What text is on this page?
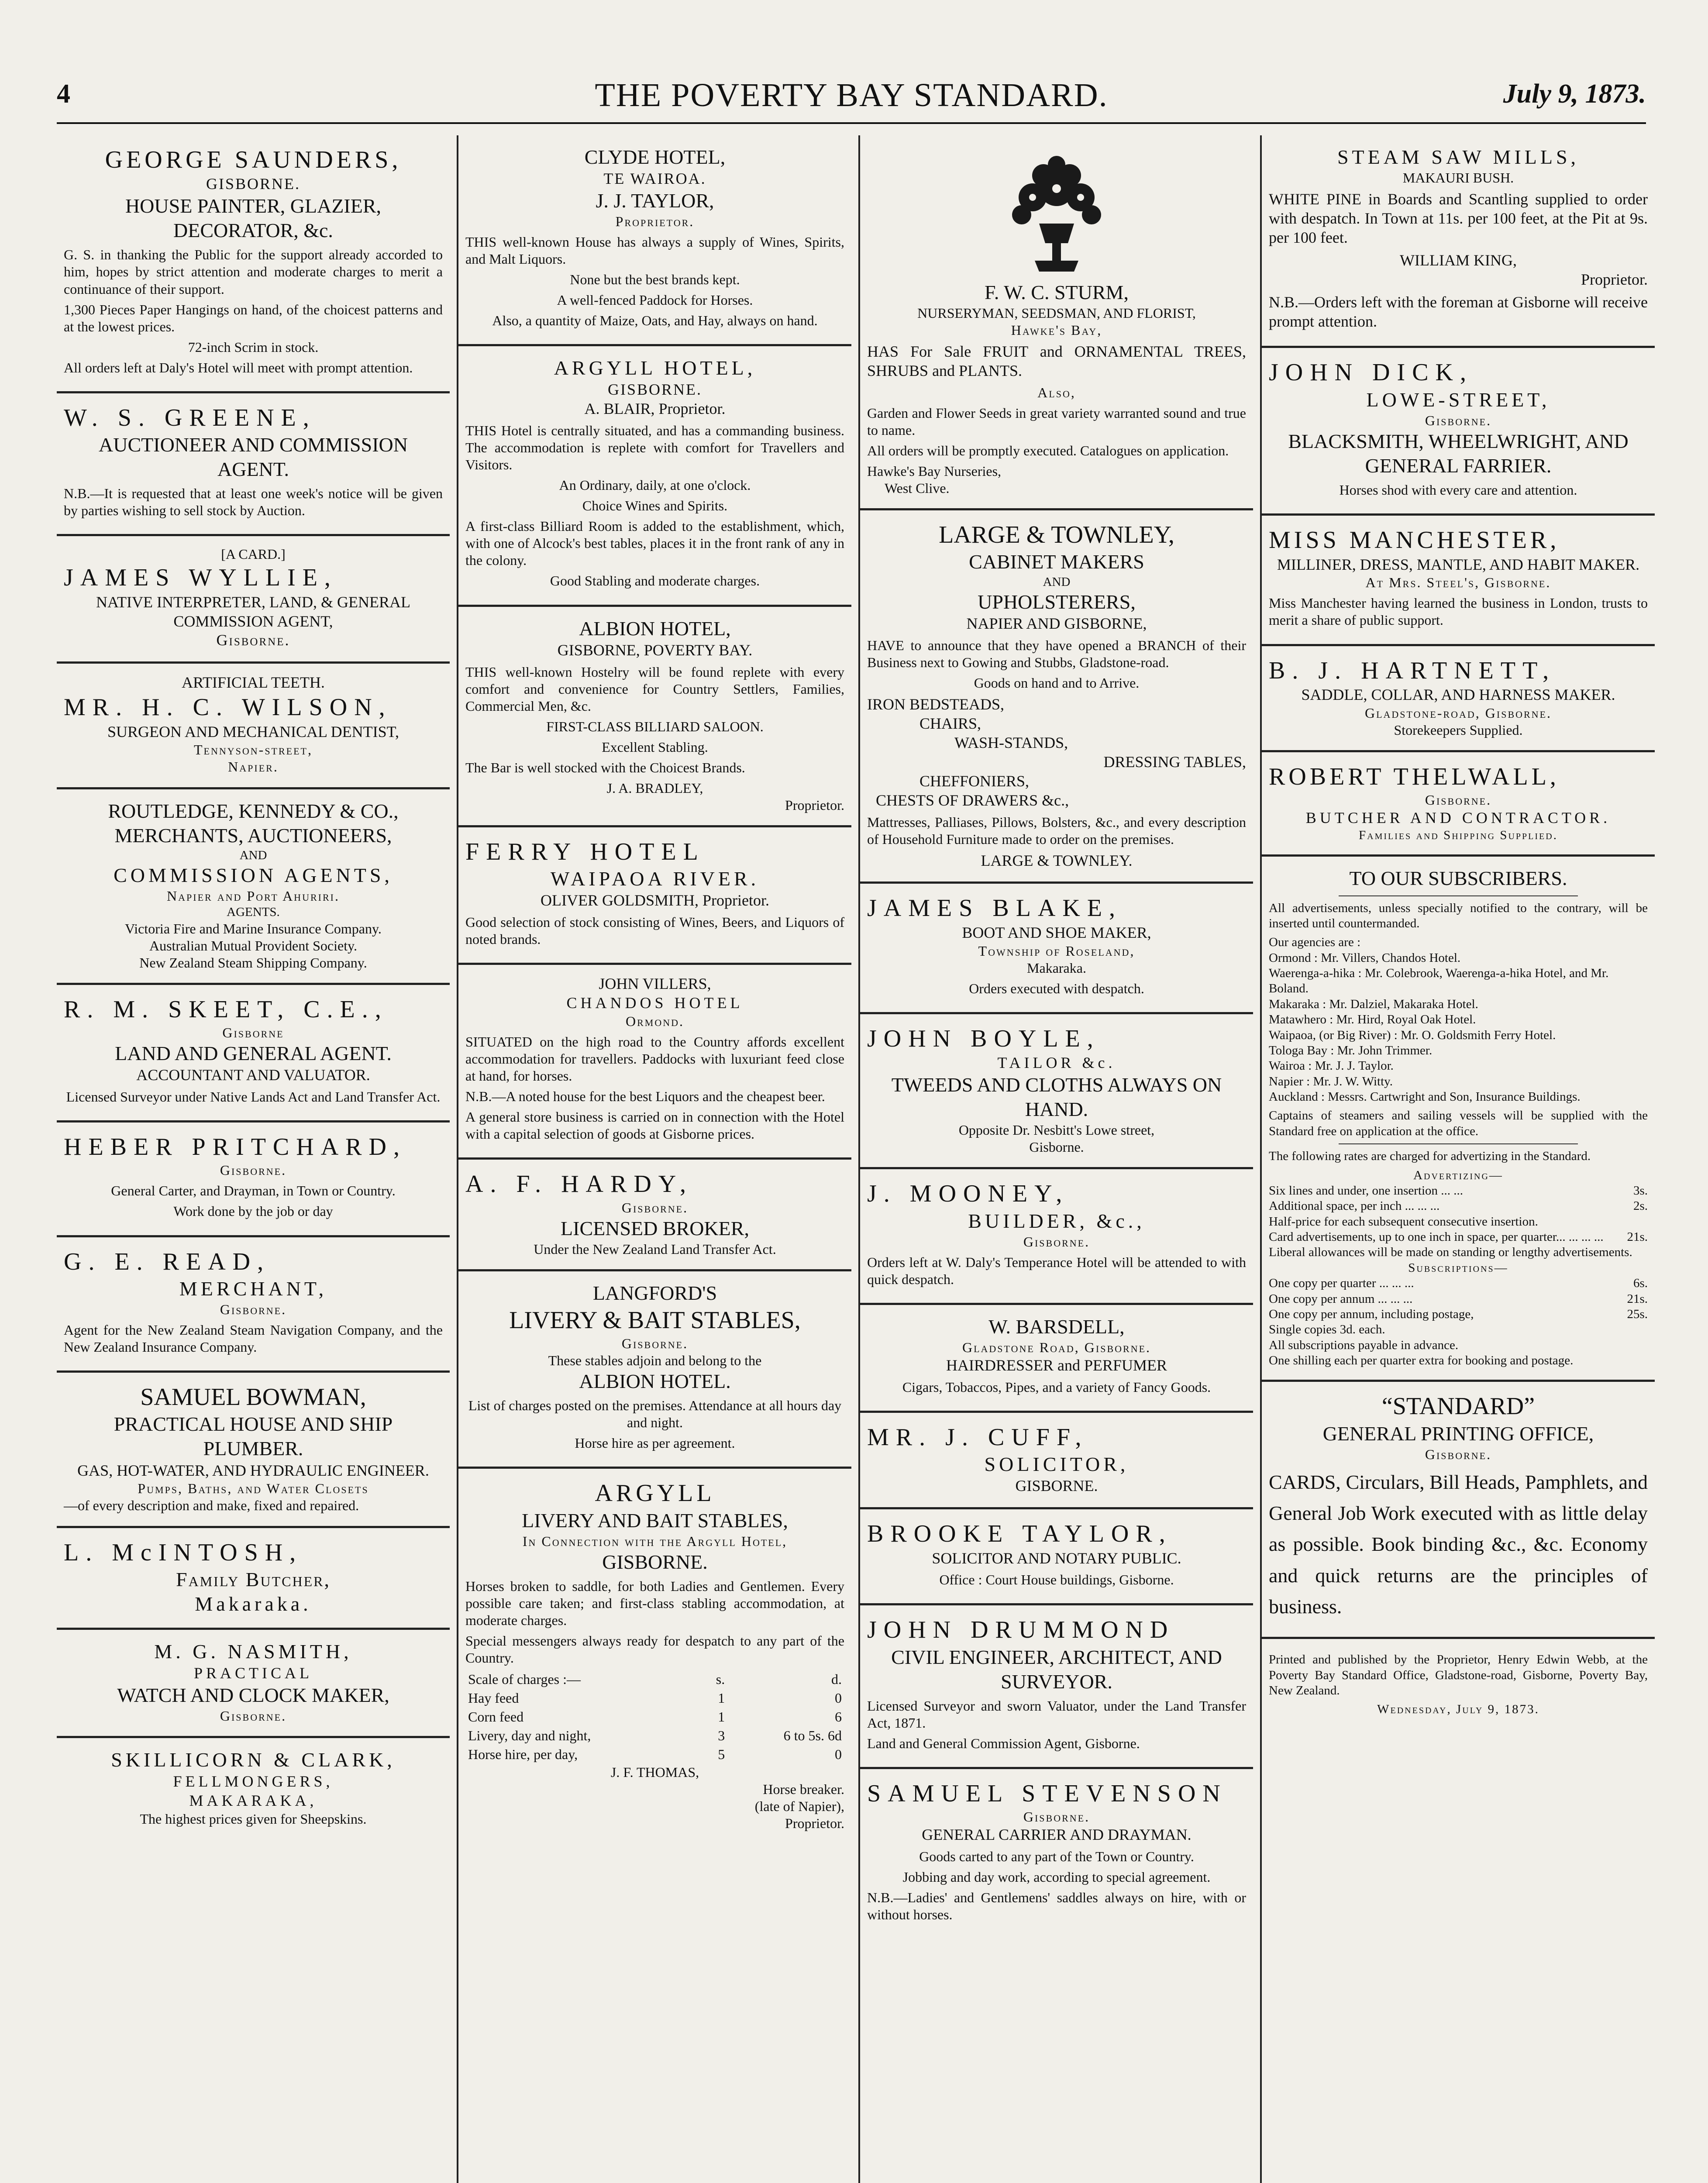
4	THE POVERTY BAY STANDARD.	July 9, 1873.
GEORGE SAUNDERS,
GISBORNE.
HOUSE PAINTER, GLAZIER, DECORATOR, &c.

G. S. in thanking the Public for the support already accorded to him, hopes by strict attention and moderate charges to merit a continuance of their support.

1,300 Pieces Paper Hangings on hand, of the choicest patterns and at the lowest prices.

72-inch Scrim in stock.

All orders left at Daly's Hotel will meet with prompt attention.

W. S. GREENE,
AUCTIONEER AND COMMISSION AGENT.

N.B.—It is requested that at least one week's notice will be given by parties wishing to sell stock by Auction.

[A CARD.]
JAMES WYLLIE,
NATIVE INTERPRETER, LAND, & GENERAL COMMISSION AGENT,
Gisborne.
ARTIFICIAL TEETH.
MR. H. C. WILSON,
SURGEON AND MECHANICAL DENTIST,
Tennyson-street,
Napier.
ROUTLEDGE, KENNEDY & CO.,
MERCHANTS, AUCTIONEERS,
AND
COMMISSION AGENTS,
Napier and Port Ahuriri.
AGENTS.
Victoria Fire and Marine Insurance Company.
Australian Mutual Provident Society.
New Zealand Steam Shipping Company.
R. M. SKEET, C.E.,
Gisborne
LAND AND GENERAL AGENT.
ACCOUNTANT AND VALUATOR.

Licensed Surveyor under Native Lands Act and Land Transfer Act.

HEBER PRITCHARD,
Gisborne.

General Carter, and Drayman, in Town or Country.

Work done by the job or day

G. E. READ,
MERCHANT,
Gisborne.

Agent for the New Zealand Steam Navigation Company, and the New Zealand Insurance Company.

SAMUEL BOWMAN,
PRACTICAL HOUSE AND SHIP PLUMBER.
GAS, HOT-WATER, AND HYDRAULIC ENGINEER.
Pumps, Baths, and Water Closets
—of every description and make, fixed and repaired.
L. McINTOSH,
Family Butcher,
Makaraka.
M. G. NASMITH,
PRACTICAL
WATCH AND CLOCK MAKER,
Gisborne.
SKILLICORN & CLARK,
FELLMONGERS,
MAKARAKA,
The highest prices given for Sheepskins.
CLYDE HOTEL,
TE WAIROA.
J. J. TAYLOR,
Proprietor.

THIS well-known House has always a supply of Wines, Spirits, and Malt Liquors.

None but the best brands kept.

A well-fenced Paddock for Horses.

Also, a quantity of Maize, Oats, and Hay, always on hand.

ARGYLL HOTEL,
GISBORNE.
A. BLAIR, Proprietor.

THIS Hotel is centrally situated, and has a commanding business. The accommodation is replete with comfort for Travellers and Visitors.

An Ordinary, daily, at one o'clock.

Choice Wines and Spirits.

A first-class Billiard Room is added to the establishment, which, with one of Alcock's best tables, places it in the front rank of any in the colony.

Good Stabling and moderate charges.

ALBION HOTEL,
GISBORNE, POVERTY BAY.

THIS well-known Hostelry will be found replete with every comfort and convenience for Country Settlers, Families, Commercial Men, &c.

FIRST-CLASS BILLIARD SALOON.

Excellent Stabling.

The Bar is well stocked with the Choicest Brands.

J. A. BRADLEY,
Proprietor.
FERRY HOTEL
WAIPAOA RIVER.
OLIVER GOLDSMITH, Proprietor.

Good selection of stock consisting of Wines, Beers, and Liquors of noted brands.

JOHN VILLERS,
CHANDOS HOTEL
Ormond.

SITUATED on the high road to the Country affords excellent accommodation for travellers. Paddocks with luxuriant feed close at hand, for horses.

N.B.—A noted house for the best Liquors and the cheapest beer.

A general store business is carried on in connection with the Hotel with a capital selection of goods at Gisborne prices.

A. F. HARDY,
Gisborne.
LICENSED BROKER,
Under the New Zealand Land Transfer Act.
LANGFORD'S
LIVERY & BAIT STABLES,
Gisborne.
These stables adjoin and belong to the
ALBION HOTEL.

List of charges posted on the premises. Attendance at all hours day and night.

Horse hire as per agreement.

ARGYLL
LIVERY AND BAIT STABLES,
In Connection with the Argyll Hotel,
GISBORNE.

Horses broken to saddle, for both Ladies and Gentlemen. Every possible care taken; and first-class stabling accommodation, at moderate charges.

Special messengers always ready for despatch to any part of the Country.

Scale of charges :—	s.	d.
Hay feed	1	0
Corn feed	1	6
Livery, day and night,	3	6 to 5s. 6d
Horse hire, per day,	5	0
J. F. THOMAS,
Horse breaker.
(late of Napier),
Proprietor.
F. W. C. STURM,
NURSERYMAN, SEEDSMAN, AND FLORIST,
Hawke's Bay,

HAS For Sale FRUIT and ORNAMENTAL TREES, SHRUBS and PLANTS.

Also,

Garden and Flower Seeds in great variety warranted sound and true to name.

All orders will be promptly executed. Catalogues on application.

Hawke's Bay Nurseries,
West Clive.
LARGE & TOWNLEY,
CABINET MAKERS
AND
UPHOLSTERERS,
NAPIER AND GISBORNE,

HAVE to announce that they have opened a BRANCH of their Business next to Gowing and Stubbs, Gladstone-road.

Goods on hand and to Arrive.

IRON BEDSTEADS,
CHAIRS,
WASH-STANDS,
DRESSING TABLES,
CHEFFONIERS,
CHESTS OF DRAWERS &c.,

Mattresses, Palliases, Pillows, Bolsters, &c., and every description of Household Furniture made to order on the premises.

LARGE & TOWNLEY.
JAMES BLAKE,
BOOT AND SHOE MAKER,
Township of Roseland,
Makaraka.

Orders executed with despatch.

JOHN BOYLE,
TAILOR &c.
TWEEDS AND CLOTHS ALWAYS ON HAND.
Opposite Dr. Nesbitt's Lowe street,
Gisborne.
J. MOONEY,
BUILDER, &c.,
Gisborne.

Orders left at W. Daly's Temperance Hotel will be attended to with quick despatch.

W. BARSDELL,
Gladstone Road, Gisborne.
HAIRDRESSER and PERFUMER

Cigars, Tobaccos, Pipes, and a variety of Fancy Goods.

MR. J. CUFF,
SOLICITOR,
GISBORNE.
BROOKE TAYLOR,
SOLICITOR AND NOTARY PUBLIC.

Office : Court House buildings, Gisborne.

JOHN DRUMMOND
CIVIL ENGINEER, ARCHITECT, AND SURVEYOR.

Licensed Surveyor and sworn Valuator, under the Land Transfer Act, 1871.

Land and General Commission Agent, Gisborne.

SAMUEL STEVENSON
Gisborne.
GENERAL CARRIER AND DRAYMAN.

Goods carted to any part of the Town or Country.

Jobbing and day work, according to special agreement.

N.B.—Ladies' and Gentlemens' saddles always on hire, with or without horses.

STEAM SAW MILLS,
MAKAURI BUSH.

WHITE PINE in Boards and Scantling supplied to order with despatch. In Town at 11s. per 100 feet, at the Pit at 9s. per 100 feet.

WILLIAM KING,
Proprietor.

N.B.—Orders left with the foreman at Gisborne will receive prompt attention.

JOHN DICK,
LOWE-STREET,
Gisborne.
BLACKSMITH, WHEELWRIGHT, AND GENERAL FARRIER.

Horses shod with every care and attention.

MISS MANCHESTER,
MILLINER, DRESS, MANTLE, AND HABIT MAKER.
At Mrs. Steel's, Gisborne.

Miss Manchester having learned the business in London, trusts to merit a share of public support.

B. J. HARTNETT,
SADDLE, COLLAR, AND HARNESS MAKER.
Gladstone-road, Gisborne.
Storekeepers Supplied.
ROBERT THELWALL,
Gisborne.
BUTCHER AND CONTRACTOR.
Families and Shipping Supplied.
TO OUR SUBSCRIBERS.

All advertisements, unless specially notified to the contrary, will be inserted until countermanded.

Our agencies are :
Ormond : Mr. Villers, Chandos Hotel.
Waerenga-a-hika : Mr. Colebrook, Waerenga-a-hika Hotel, and Mr. Boland.
Makaraka : Mr. Dalziel, Makaraka Hotel.
Matawhero : Mr. Hird, Royal Oak Hotel.
Waipaoa, (or Big River) : Mr. O. Goldsmith Ferry Hotel.
Tologa Bay : Mr. John Trimmer.
Wairoa : Mr. J. J. Taylor.
Napier : Mr. J. W. Witty.
Auckland : Messrs. Cartwright and Son, Insurance Buildings.

Captains of steamers and sailing vessels will be supplied with the Standard free on application at the office.

The following rates are charged for advertizing in the Standard.

Advertizing—
Six lines and under, one insertion ... ...	3s.
Additional space, per inch ... ... ...	2s.
Half-price for each subsequent consecutive insertion.
Card advertisements, up to one inch in space, per quarter... ... ... ... 21s.
Liberal allowances will be made on standing or lengthy advertisements.
Subscriptions—
One copy per quarter ... ... ...	6s.
One copy per annum ... ... ...	21s.
One copy per annum, including postage,	25s.
Single copies 3d. each.
All subscriptions payable in advance.
One shilling each per quarter extra for booking and postage.
“STANDARD”
GENERAL PRINTING OFFICE,
Gisborne.

CARDS, Circulars, Bill Heads, Pamphlets, and General Job Work executed with as little delay as possible. Book binding &c., &c. Economy and quick returns are the principles of business.

Printed and published by the Proprietor, Henry Edwin Webb, at the Poverty Bay Standard Office, Gladstone-road, Gisborne, Poverty Bay, New Zealand.

Wednesday, July 9, 1873.
